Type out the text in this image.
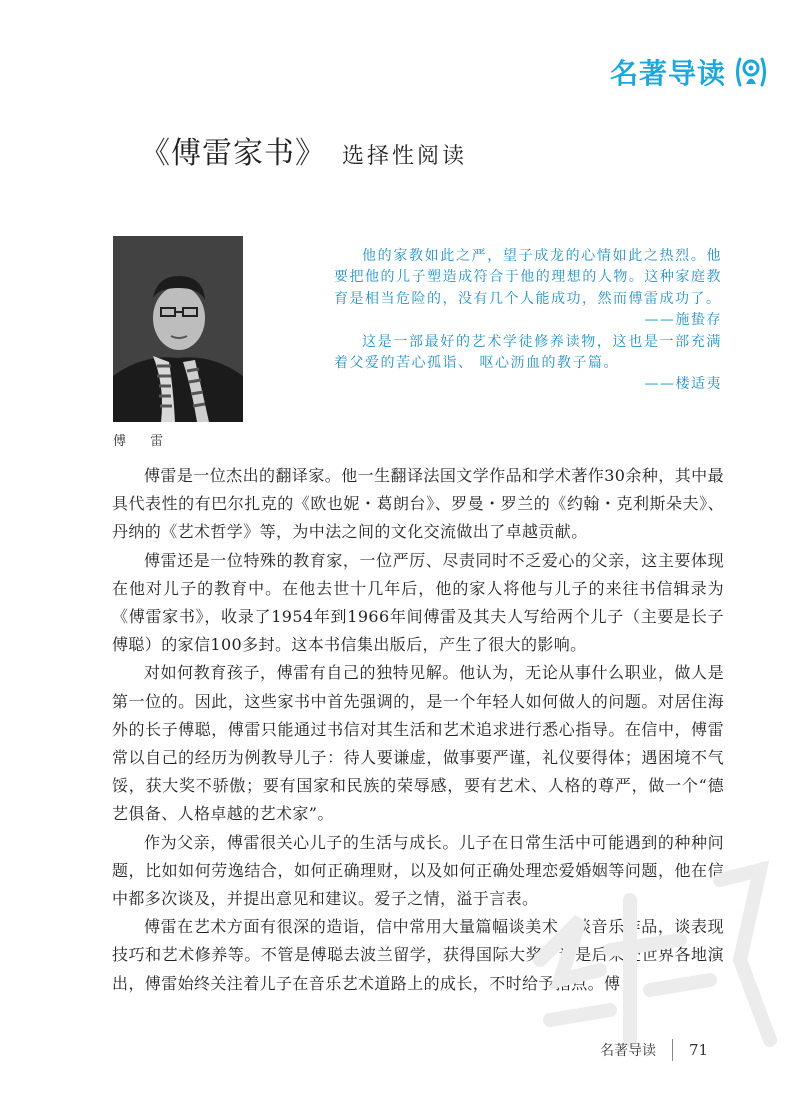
名著导读
《傅雷家书》 选择性阅读
傅 雷

他的家教如此之严，望子成龙的心情如此之热烈。他要把他的儿子塑造成符合于他的理想的人物。这种家庭教育是相当危险的，没有几个人能成功，然而傅雷成功了。

——施蛰存

这是一部最好的艺术学徒修养读物，这也是一部充满着父爱的苦心孤诣、 呕心沥血的教子篇。

——楼适夷

傅雷是一位杰出的翻译家。他一生翻译法国文学作品和学术著作30余种，其中最具代表性的有巴尔扎克的《欧也妮・葛朗台》、罗曼・罗兰的《约翰・克利斯朵夫》、丹纳的《艺术哲学》等，为中法之间的文化交流做出了卓越贡献。

傅雷还是一位特殊的教育家，一位严厉、尽责同时不乏爱心的父亲，这主要体现在他对儿子的教育中。在他去世十几年后，他的家人将他与儿子的来往书信辑录为《傅雷家书》，收录了1954年到1966年间傅雷及其夫人写给两个儿子（主要是长子傅聪）的家信100多封。这本书信集出版后，产生了很大的影响。

对如何教育孩子，傅雷有自己的独特见解。他认为，无论从事什么职业，做人是第一位的。因此，这些家书中首先强调的，是一个年轻人如何做人的问题。对居住海外的长子傅聪，傅雷只能通过书信对其生活和艺术追求进行悉心指导。在信中，傅雷常以自己的经历为例教导儿子：待人要谦虚，做事要严谨，礼仪要得体；遇困境不气馁，获大奖不骄傲；要有国家和民族的荣辱感，要有艺术、人格的尊严，做一个“德艺俱备、人格卓越的艺术家”。

作为父亲，傅雷很关心儿子的生活与成长。儿子在日常生活中可能遇到的种种问题，比如如何劳逸结合，如何正确理财，以及如何正确处理恋爱婚姻等问题，他在信中都多次谈及，并提出意见和建议。爱子之情，溢于言表。

傅雷在艺术方面有很深的造诣，信中常用大量篇幅谈美术，谈音乐作品，谈表现技巧和艺术修养等。不管是傅聪去波兰留学，获得国际大奖，还是后来赴世界各地演出，傅雷始终关注着儿子在音乐艺术道路上的成长，不时给予指点。傅

名著导读 71
